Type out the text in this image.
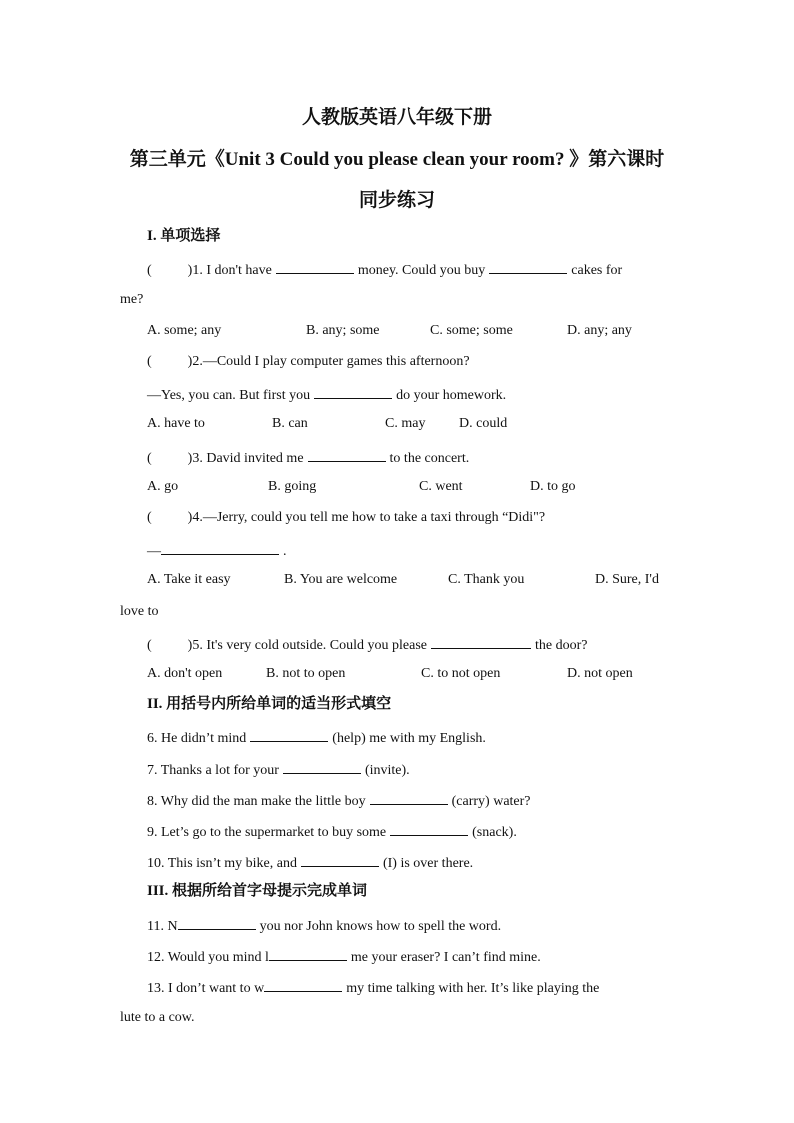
人教版英语八年级下册
第三单元《Unit 3 Could you please clean your room? 》第六课时
同步练习
I. 单项选择
(	)1. I don't have	money. Could you buy	cakes for
me?
A. some; any	B. any; some	C. some; some	D. any; any
(	)2.—Could I play computer games this afternoon?
—Yes, you can. But first you	do your homework.
A. have to	B. can	C. may D. could
(	)3. David invited me	to the concert.
A. go	B. going	C. went	D. to go
(	)4.—Jerry, could you tell me how to take a taxi through “Didi"?
—	.
A. Take it easy	B. You are welcome	C. Thank you	D. Sure, I'd
love to
(	)5. It's very cold outside. Could you please	the door?
A. don't open	B. not to open	C. to not open	D. not open
II. 用括号内所给单词的适当形式填空
6. He didn’t mind	(help) me with my English.
7. Thanks a lot for your	(invite).
8. Why did the man make the little boy	(carry) water?
9. Let’s go to the supermarket to buy some	(snack).
10. This isn’t my bike, and	(I) is over there.
III. 根据所给首字母提示完成单词
11. N	you nor John knows how to spell the word.
12. Would you mind l	me your eraser? I can’t find mine.
13. I don’t want to w	my time talking with her. It’s like playing the
lute to a cow.
